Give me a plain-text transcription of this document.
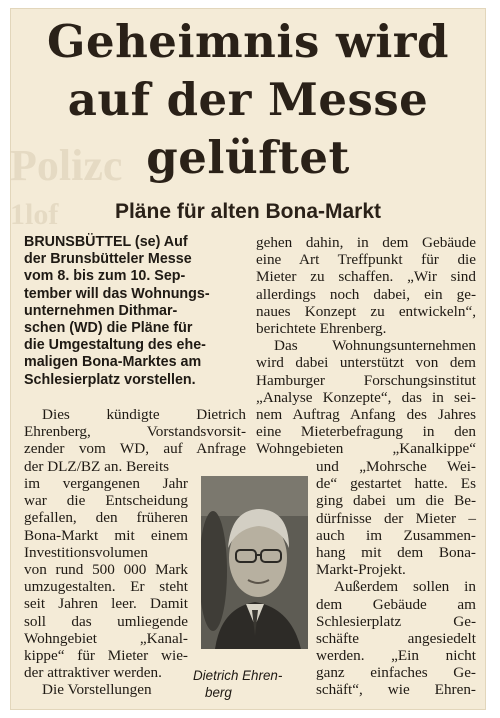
Polizc
1lof
Geheimnis wird
auf der Messe
gelüftet
Pläne für alten Bona-Markt
BRUNSBÜTTEL (se) Auf
der Brunsbütteler Messe
vom 8. bis zum 10. Sep-
tember will das Wohnungs-
unternehmen Dithmar-
schen (WD) die Pläne für
die Umgestaltung des ehe-
maligen Bona-Marktes am
Schlesierplatz vorstellen.
Dies kündigte Dietrich
Ehrenberg, Vorstandsvorsit-
zender vom WD, auf Anfrage
der DLZ/BZ an. Bereits
im vergangenen Jahr
war die Entscheidung
gefallen, den früheren
Bona-Markt mit einem
Investitionsvolumen
von rund 500 000 Mark
umzugestalten. Er steht
seit Jahren leer. Damit
soll das umliegende
Wohngebiet „Kanal-
kippe“ für Mieter wie-
der attraktiver werden.
Die Vorstellungen
Dietrich Ehren-
berg
gehen dahin, in dem Gebäude
eine Art Treffpunkt für die
Mieter zu schaffen. „Wir sind
allerdings noch dabei, ein ge-
naues Konzept zu entwickeln“,
berichtete Ehrenberg.
Das Wohnungsunternehmen
wird dabei unterstützt von dem
Hamburger Forschungsinstitut
„Analyse Konzepte“, das in sei-
nem Auftrag Anfang des Jahres
eine Mieterbefragung in den
Wohngebieten „Kanalkippe“
und „Mohrsche Wei-
de“ gestartet hatte. Es
ging dabei um die Be-
dürfnisse der Mieter –
auch im Zusammen-
hang mit dem Bona-
Markt-Projekt.
Außerdem sollen in
dem Gebäude am
Schlesierplatz Ge-
schäfte angesiedelt
werden. „Ein nicht
ganz einfaches Ge-
schäft“, wie Ehren-
